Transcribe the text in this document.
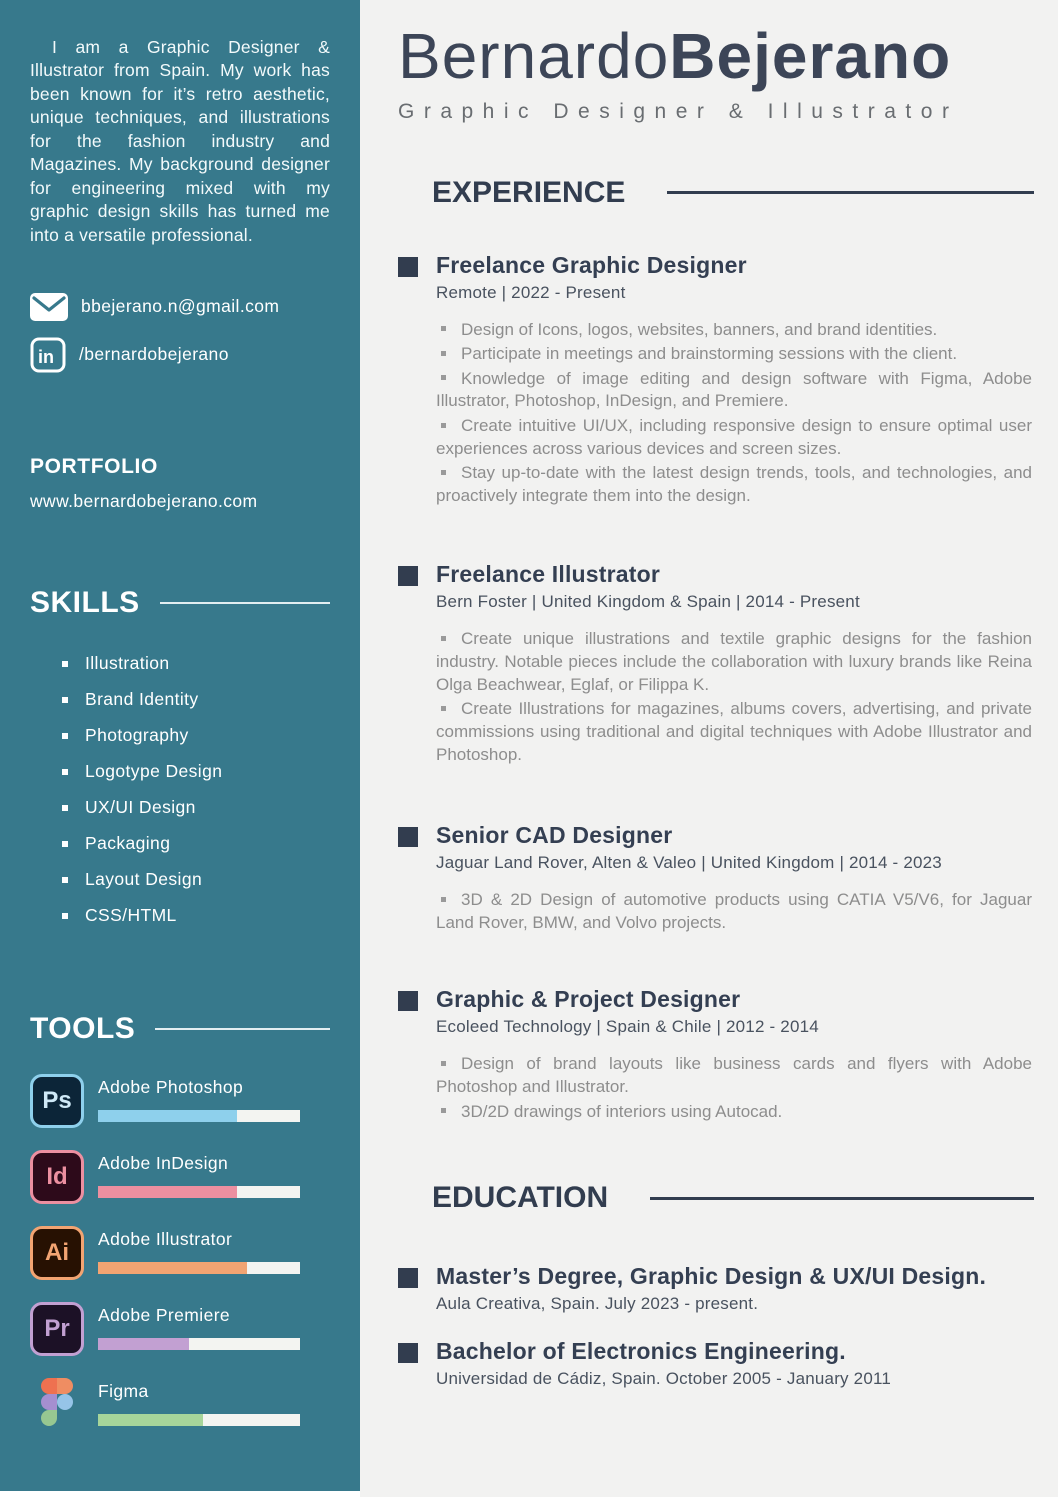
I am a Graphic Designer & Illustrator from Spain. My work has been known for it’s retro aesthetic, unique techniques, and illustrations for the fashion industry and Magazines. My background designer for engineering mixed with my graphic design skills has turned me into a versatile professional.

bbejerano.n@gmail.com
in /bernardobejerano
PORTFOLIO
www.bernardobejerano.com
SKILLS
Illustration
Brand Identity
Photography
Logotype Design
UX/UI Design
Packaging
Layout Design
CSS/HTML
TOOLS
Ps Adobe Photoshop
Id Adobe InDesign
Ai Adobe Illustrator
Pr Adobe Premiere
Figma
BernardoBejerano
Graphic Designer & Illustrator
EXPERIENCE
Freelance Graphic Designer
Remote | 2022 - Present
Design of Icons, logos, websites, banners, and brand identities.
Participate in meetings and brainstorming sessions with the client.
Knowledge of image editing and design software with Figma, Adobe Illustrator, Photoshop, InDesign, and Premiere.
Create intuitive UI/UX, including responsive design to ensure optimal user experiences across various devices and screen sizes.
Stay up-to-date with the latest design trends, tools, and technologies, and proactively integrate them into the design.
Freelance Illustrator
Bern Foster | United Kingdom & Spain | 2014 - Present
Create unique illustrations and textile graphic designs for the fashion industry. Notable pieces include the collaboration with luxury brands like Reina Olga Beachwear, Eglaf, or Filippa K.
Create Illustrations for magazines, albums covers, advertising, and private commissions using traditional and digital techniques with Adobe Illustrator and Photoshop.
Senior CAD Designer
Jaguar Land Rover, Alten & Valeo | United Kingdom | 2014 - 2023
3D & 2D Design of automotive products using CATIA V5/V6, for Jaguar Land Rover, BMW, and Volvo projects.
Graphic & Project Designer
Ecoleed Technology | Spain & Chile | 2012 - 2014
Design of brand layouts like business cards and flyers with Adobe Photoshop and Illustrator.
3D/2D drawings of interiors using Autocad.
EDUCATION
Master’s Degree, Graphic Design & UX/UI Design.
Aula Creativa, Spain. July 2023 - present.
Bachelor of Electronics Engineering.
Universidad de Cádiz, Spain. October 2005 - January 2011
